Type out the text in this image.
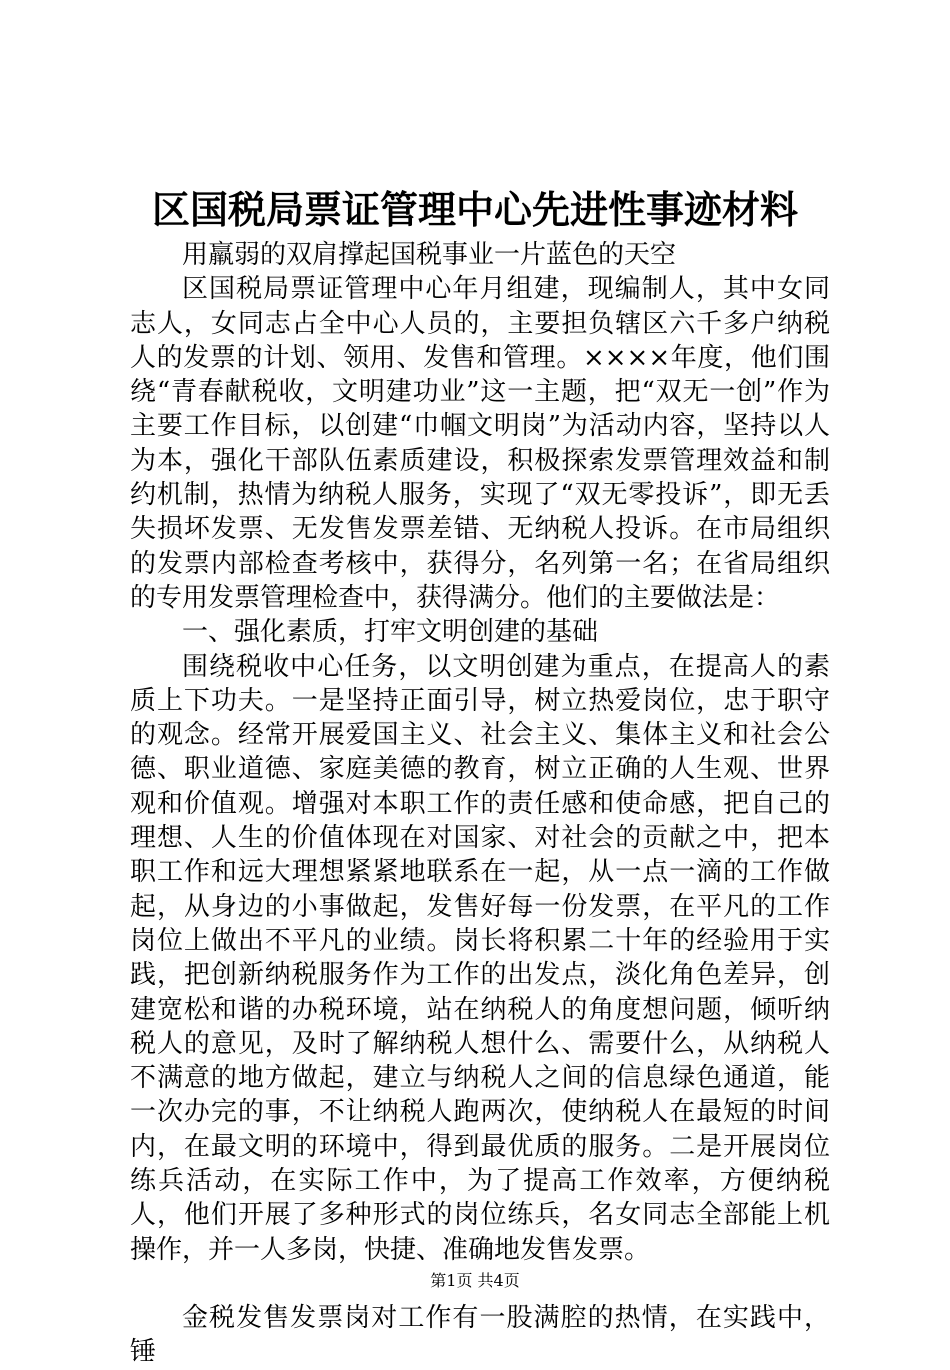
区国税局票证管理中心先进性事迹材料

用羸弱的双肩撑起国税事业一片蓝色的天空

区国税局票证管理中心年月组建，现编制人，其中女同志人，女同志占全中心人员的，主要担负辖区六千多户纳税人的发票的计划、领用、发售和管理。××××年度，他们围绕“青春献税收，文明建功业”这一主题，把“双无一创”作为主要工作目标，以创建“巾帼文明岗”为活动内容，坚持以人为本，强化干部队伍素质建设，积极探索发票管理效益和制约机制，热情为纳税人服务，实现了“双无零投诉”，即无丢失损坏发票、无发售发票差错、无纳税人投诉。在市局组织的发票内部检查考核中，获得分，名列第一名；在省局组织的专用发票管理检查中，获得满分。他们的主要做法是：

一、强化素质，打牢文明创建的基础

围绕税收中心任务，以文明创建为重点，在提高人的素质上下功夫。一是坚持正面引导，树立热爱岗位，忠于职守的观念。经常开展爱国主义、社会主义、集体主义和社会公德、职业道德、家庭美德的教育，树立正确的人生观、世界观和价值观。增强对本职工作的责任感和使命感，把自己的理想、人生的价值体现在对国家、对社会的贡献之中，把本职工作和远大理想紧紧地联系在一起，从一点一滴的工作做起，从身边的小事做起，发售好每一份发票，在平凡的工作岗位上做出不平凡的业绩。岗长将积累二十年的经验用于实践，把创新纳税服务作为工作的出发点，淡化角色差异，创建宽松和谐的办税环境，站在纳税人的角度想问题，倾听纳税人的意见，及时了解纳税人想什么、需要什么，从纳税人不满意的地方做起，建立与纳税人之间的信息绿色通道，能一次办完的事，不让纳税人跑两次，使纳税人在最短的时间内，在最文明的环境中，得到最优质的服务。二是开展岗位练兵活动，在实际工作中，为了提高工作效率，方便纳税人，他们开展了多种形式的岗位练兵，名女同志全部能上机操作，并一人多岗，快捷、准确地发售发票。

金税发售发票岗对工作有一股满腔的热情，在实践中，锤

第1页 共4页
